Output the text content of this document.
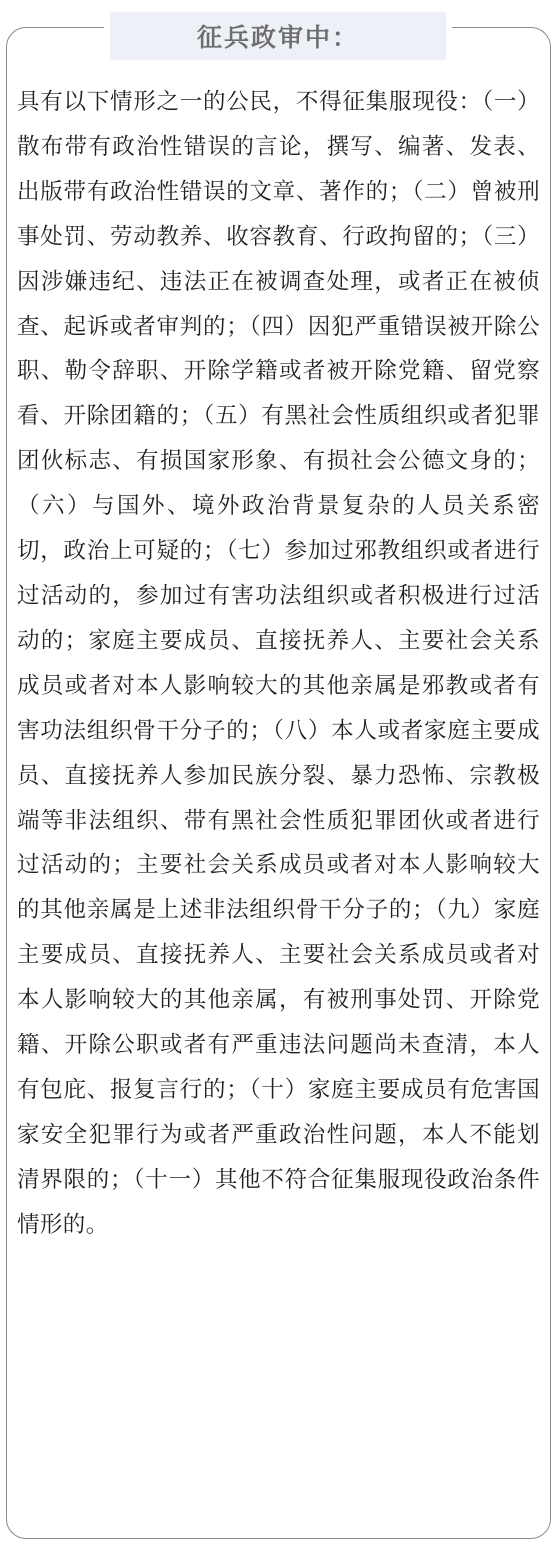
征兵政审中：

具有以下情形之一的公民，不得征集服现役：（一）散布带有政治性错误的言论，撰写、编著、发表、出版带有政治性错误的文章、著作的；（二）曾被刑事处罚、劳动教养、收容教育、行政拘留的；（三）因涉嫌违纪、违法正在被调查处理，或者正在被侦查、起诉或者审判的；（四）因犯严重错误被开除公职、勒令辞职、开除学籍或者被开除党籍、留党察看、开除团籍的；（五）有黑社会性质组织或者犯罪团伙标志、有损国家形象、有损社会公德文身的；（六）与国外、境外政治背景复杂的人员关系密切，政治上可疑的；（七）参加过邪教组织或者进行过活动的，参加过有害功法组织或者积极进行过活动的；家庭主要成员、直接抚养人、主要社会关系成员或者对本人影响较大的其他亲属是邪教或者有害功法组织骨干分子的；（八）本人或者家庭主要成员、直接抚养人参加民族分裂、暴力恐怖、宗教极端等非法组织、带有黑社会性质犯罪团伙或者进行过活动的；主要社会关系成员或者对本人影响较大的其他亲属是上述非法组织骨干分子的；（九）家庭主要成员、直接抚养人、主要社会关系成员或者对本人影响较大的其他亲属，有被刑事处罚、开除党籍、开除公职或者有严重违法问题尚未查清，本人有包庇、报复言行的；（十）家庭主要成员有危害国家安全犯罪行为或者严重政治性问题，本人不能划清界限的；（十一）其他不符合征集服现役政治条件情形的。
